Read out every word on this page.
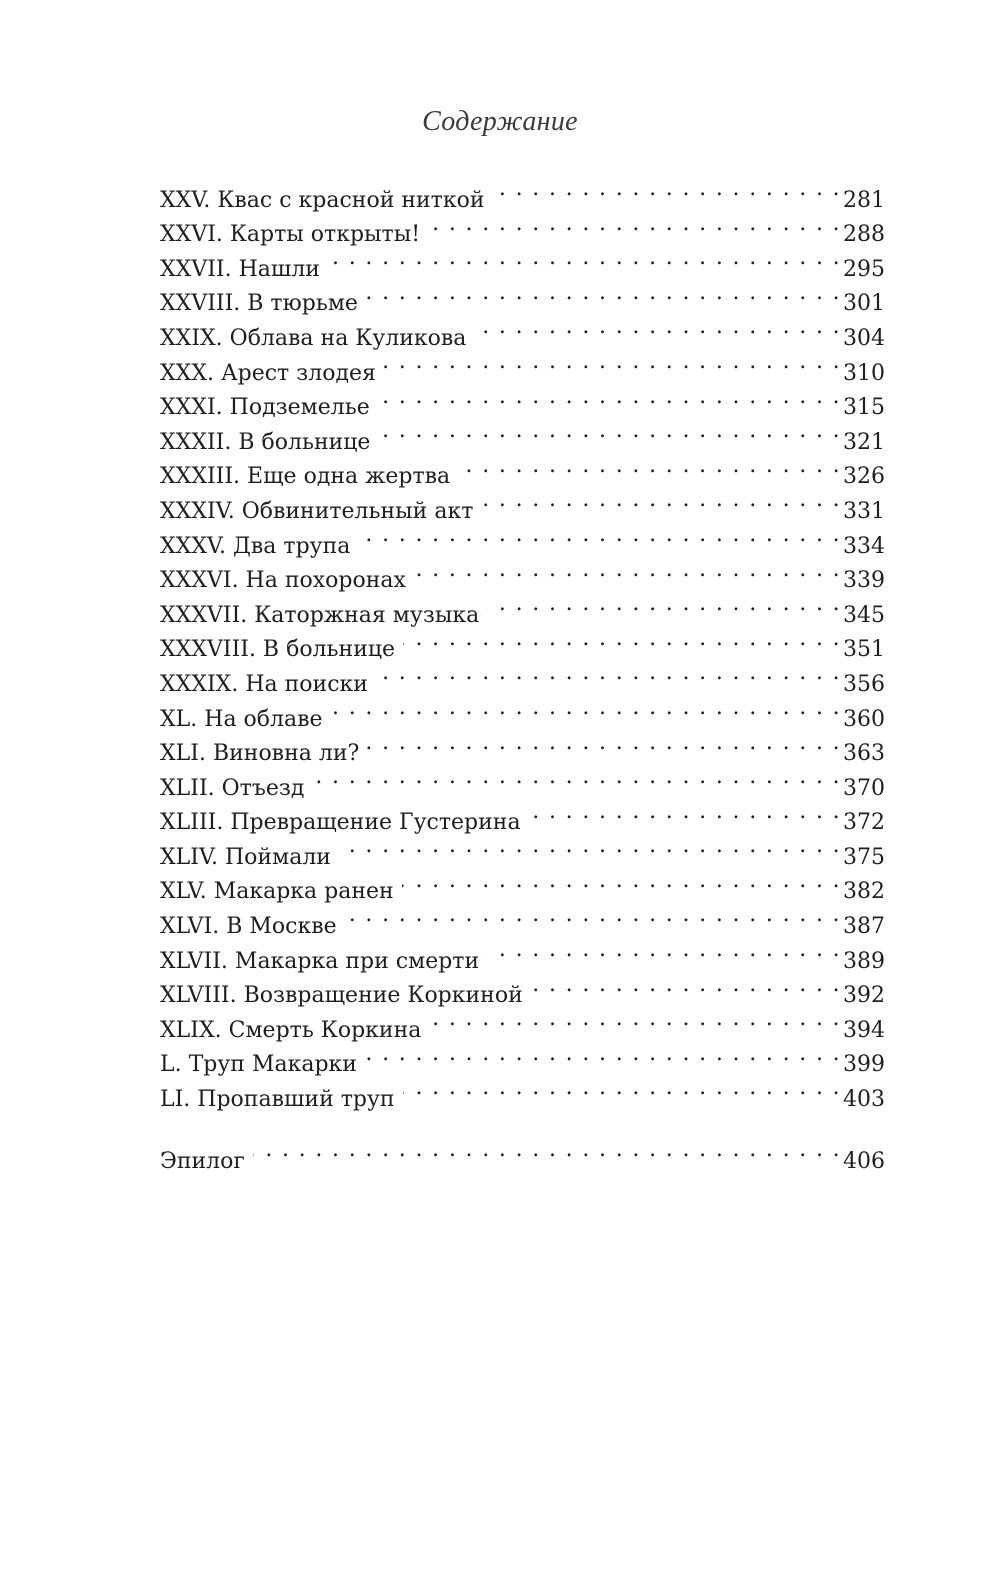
Содержание
XXV. Квас с красной ниткой . . .	281
XXVI. Карты открыты! . . .	288
XXVII. Нашли . . .	295
XXVIII. В тюрьме . . .	301
XXIX. Облава на Куликова . . .	304
XXX. Арест злодея . . .	310
XXXI. Подземелье . . .	315
XXXII. В больнице . . .	321
XXXIII. Еще одна жертва . . .	326
XXXIV. Обвинительный акт . . .	331
XXXV. Два трупа . . .	334
XXXVI. На похоронах . . .	339
XXXVII. Каторжная музыка . . .	345
XXXVIII. В больнице . . .	351
XXXIX. На поиски . . .	356
XL. На облаве . . .	360
XLI. Виновна ли? . . .	363
XLII. Отъезд . . .	370
XLIII. Превращение Густерина . . .	372
XLIV. Поймали . . .	375
XLV. Макарка ранен . . .	382
XLVI. В Москве . . .	387
XLVII. Макарка при смерти . . .	389
XLVIII. Возвращение Коркиной . . .	392
XLIX. Смерть Коркина . . .	394
L. Труп Макарки . . .	399
LI. Пропавший труп . . .	403
Эпилог . . .	406
